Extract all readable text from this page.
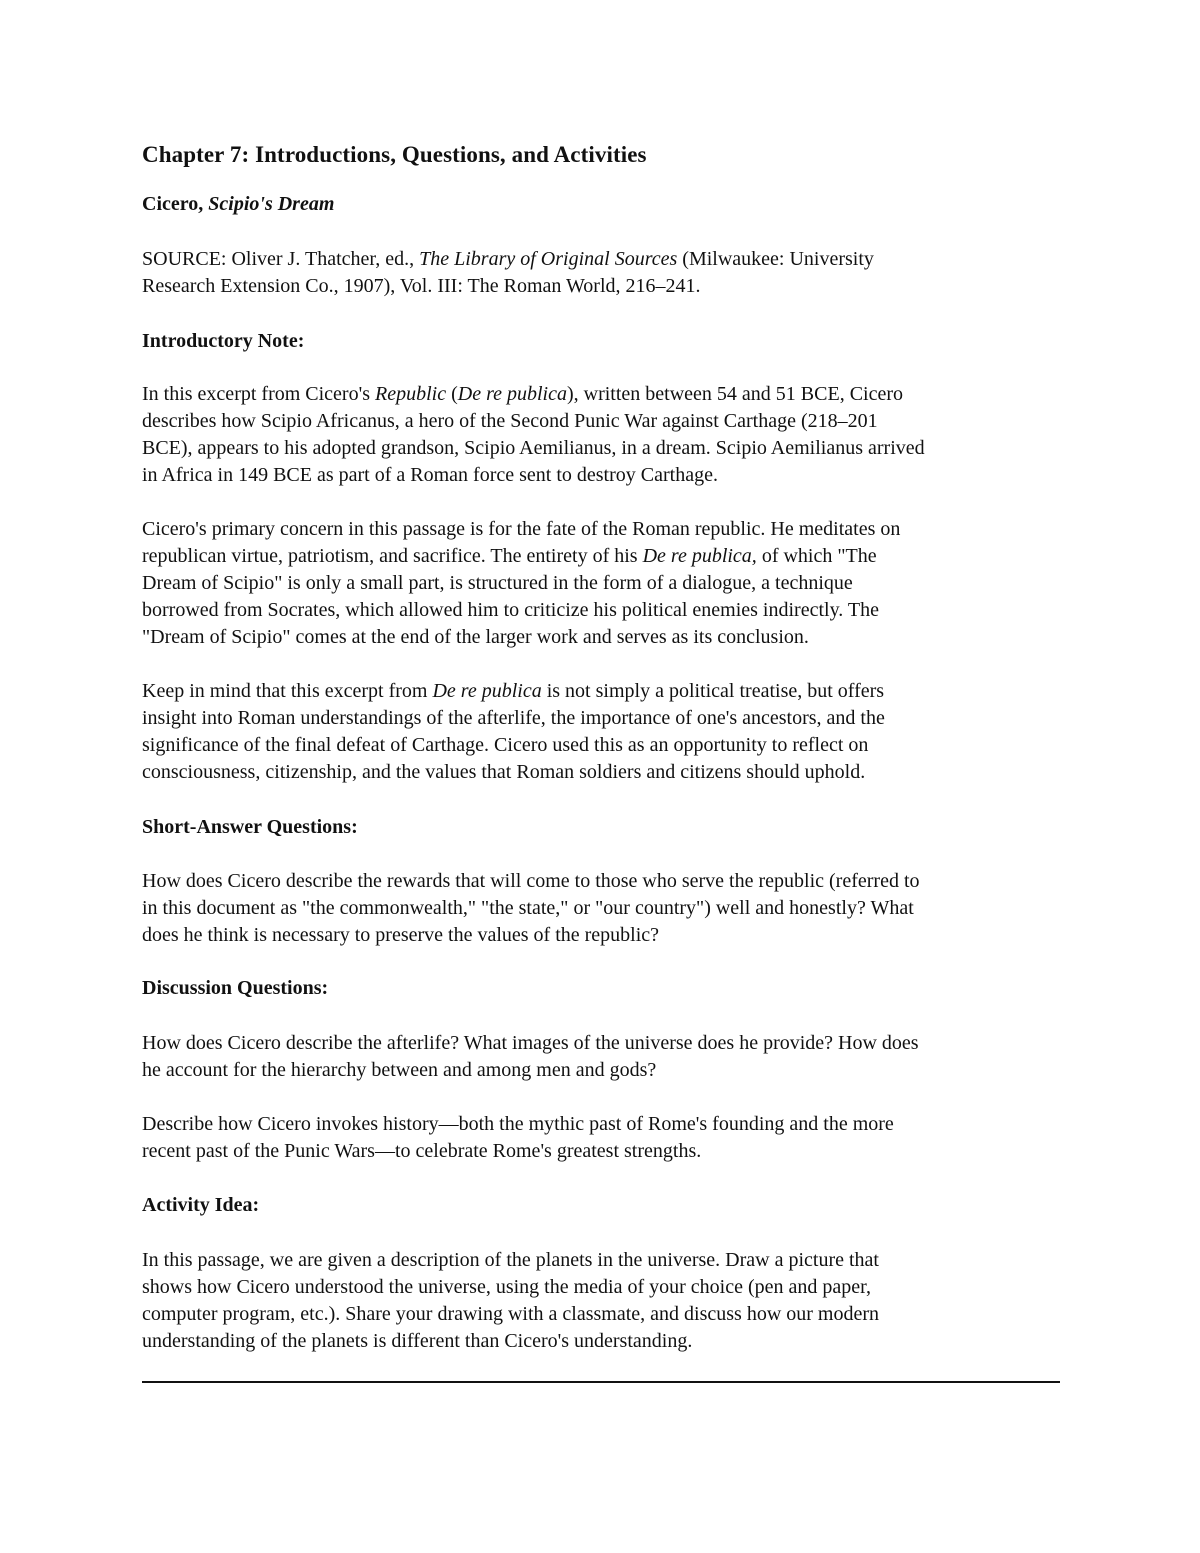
Chapter 7: Introductions, Questions, and Activities
Cicero, Scipio's Dream

SOURCE: Oliver J. Thatcher, ed., The Library of Original Sources (Milwaukee: University
Research Extension Co., 1907), Vol. III: The Roman World, 216–241.

Introductory Note:

In this excerpt from Cicero's Republic (De re publica), written between 54 and 51 BCE, Cicero
describes how Scipio Africanus, a hero of the Second Punic War against Carthage (218–201
BCE), appears to his adopted grandson, Scipio Aemilianus, in a dream. Scipio Aemilianus arrived
in Africa in 149 BCE as part of a Roman force sent to destroy Carthage.

Cicero's primary concern in this passage is for the fate of the Roman republic. He meditates on
republican virtue, patriotism, and sacrifice. The entirety of his De re publica, of which "The
Dream of Scipio" is only a small part, is structured in the form of a dialogue, a technique
borrowed from Socrates, which allowed him to criticize his political enemies indirectly. The
"Dream of Scipio" comes at the end of the larger work and serves as its conclusion.

Keep in mind that this excerpt from De re publica is not simply a political treatise, but offers
insight into Roman understandings of the afterlife, the importance of one's ancestors, and the
significance of the final defeat of Carthage. Cicero used this as an opportunity to reflect on
consciousness, citizenship, and the values that Roman soldiers and citizens should uphold.

Short-Answer Questions:

How does Cicero describe the rewards that will come to those who serve the republic (referred to
in this document as "the commonwealth," "the state," or "our country") well and honestly? What
does he think is necessary to preserve the values of the republic?

Discussion Questions:

How does Cicero describe the afterlife? What images of the universe does he provide? How does
he account for the hierarchy between and among men and gods?

Describe how Cicero invokes history—both the mythic past of Rome's founding and the more
recent past of the Punic Wars—to celebrate Rome's greatest strengths.

Activity Idea:

In this passage, we are given a description of the planets in the universe. Draw a picture that
shows how Cicero understood the universe, using the media of your choice (pen and paper,
computer program, etc.). Share your drawing with a classmate, and discuss how our modern
understanding of the planets is different than Cicero's understanding.
